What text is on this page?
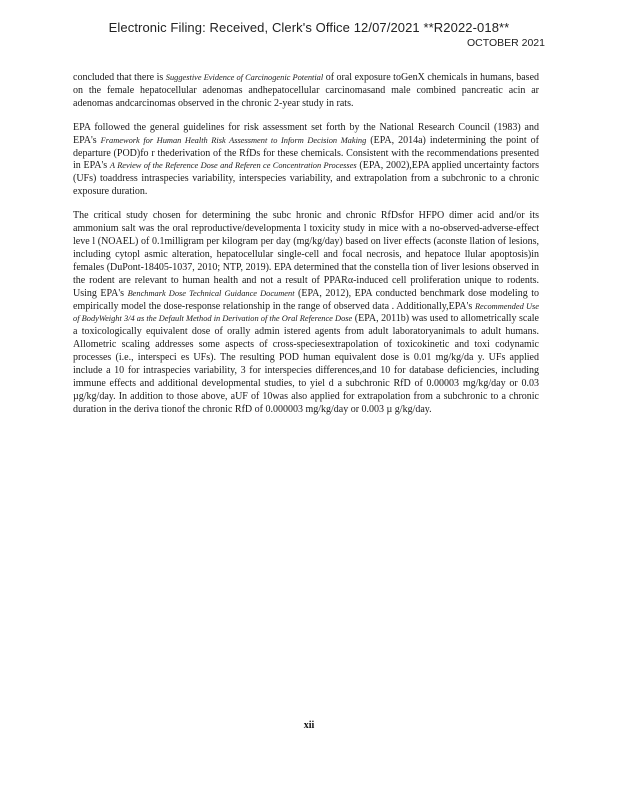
Electronic Filing: Received, Clerk's Office 12/07/2021 **R2022-018**
OCTOBER 2021

concluded that there is Suggestive Evidence of Carcinogenic Potential of oral exposure toGenX chemicals in humans, based on the female hepatocellular adenomas andhepatocellular carcinomasand male combined pancreatic acin ar adenomas andcarcinomas observed in the chronic 2-year study in rats.

EPA followed the general guidelines for risk assessment set forth by the National Research Council (1983) and EPA's Framework for Human Health Risk Assessment to Inform Decision Making (EPA, 2014a) indetermining the point of departure (POD)fo r thederivation of the RfDs for these chemicals. Consistent with the recommendations presented in EPA's A Review of the Reference Dose and Referen ce Concentration Processes (EPA, 2002),EPA applied uncertainty factors (UFs) toaddress intraspecies variability, interspecies variability, and extrapolation from a subchronic to a chronic exposure duration.

The critical study chosen for determining the subc hronic and chronic RfDsfor HFPO dimer acid and/or its ammonium salt was the oral reproductive/developmenta l toxicity study in mice with a no-observed-adverse-effect leve l (NOAEL) of 0.1milligram per kilogram per day (mg/kg/day) based on liver effects (aconste llation of lesions, including cytopl asmic alteration, hepatocellular single-cell and focal necrosis, and hepatoce llular apoptosis)in females (DuPont-18405-1037, 2010; NTP, 2019). EPA determined that the constella tion of liver lesions observed in the rodent are relevant to human health and not a result of PPARα-induced cell proliferation unique to rodents. Using EPA's Benchmark Dose Technical Guidance Document (EPA, 2012), EPA conducted benchmark dose modeling to empirically model the dose-response relationship in the range of observed data . Additionally,EPA's Recommended Use of BodyWeight 3/4 as the Default Method in Derivation of the Oral Reference Dose (EPA, 2011b) was used to allometrically scale a toxicologically equivalent dose of orally admin istered agents from adult laboratoryanimals to adult humans. Allometric scaling addresses some aspects of cross-speciesextrapolation of toxicokinetic and toxi codynamic processes (i.e., interspeci es UFs). The resulting POD human equivalent dose is 0.01 mg/kg/da y. UFs applied include a 10 for intraspecies variability, 3 for interspecies differences,and 10 for database deficiencies, including immune effects and additional developmental studies, to yiel d a subchronic RfD of 0.00003 mg/kg/day or 0.03 µg/kg/day. In addition to those above, aUF of 10was also applied for extrapolation from a subchronic to a chronic duration in the deriva tionof the chronic RfD of 0.000003 mg/kg/day or 0.003 µ g/kg/day.

xii
